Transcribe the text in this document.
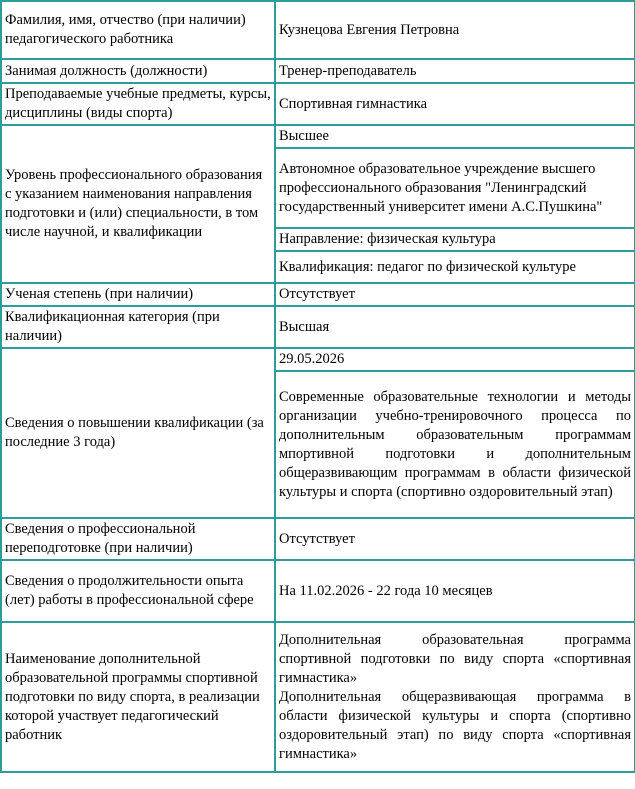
Фамилия, имя, отчество (при наличии) педагогического работника	Кузнецова Евгения Петровна
Занимая должность (должности)	Тренер-преподаватель
Преподаваемые учебные предметы, курсы, дисциплины (виды спорта)	Спортивная гимнастика
Уровень профессионального образования с указанием наименования направления подготовки и (или) специальности, в том числе научной, и квалификации	Высшее
	Автономное образовательное учреждение высшего профессионального образования "Ленинградский государственный университет имени А.С.Пушкина"
	Направление: физическая культура
	Квалификация: педагог по физической культуре
Ученая степень (при наличии)	Отсутствует
Квалификационная категория (при наличии)	Высшая
Сведения о повышении квалификации (за последние 3 года)	29.05.2026
	Современные образовательные технологии и методы организации учебно-тренировочного процесса по дополнительным образовательным программам мпортивной подготовки и дополнительным общеразвивающим программам в области физической культуры и спорта (спортивно оздоровительный этап)
Сведения о профессиональной переподготовке (при наличии)	Отсутствует
Сведения о продолжительности опыта (лет) работы в профессиональной сфере	На 11.02.2026 - 22 года 10 месяцев
Наименование дополнительной образовательной программы спортивной подготовки по виду спорта, в реализации которой участвует педагогический работник	Дополнительная образовательная программа спортивной подготовки по виду спорта «спортивная гимнастика»
Дополнительная общеразвивающая программа в области физической культуры и спорта (спортивно оздоровительный этап) по виду спорта «спортивная гимнастика»
